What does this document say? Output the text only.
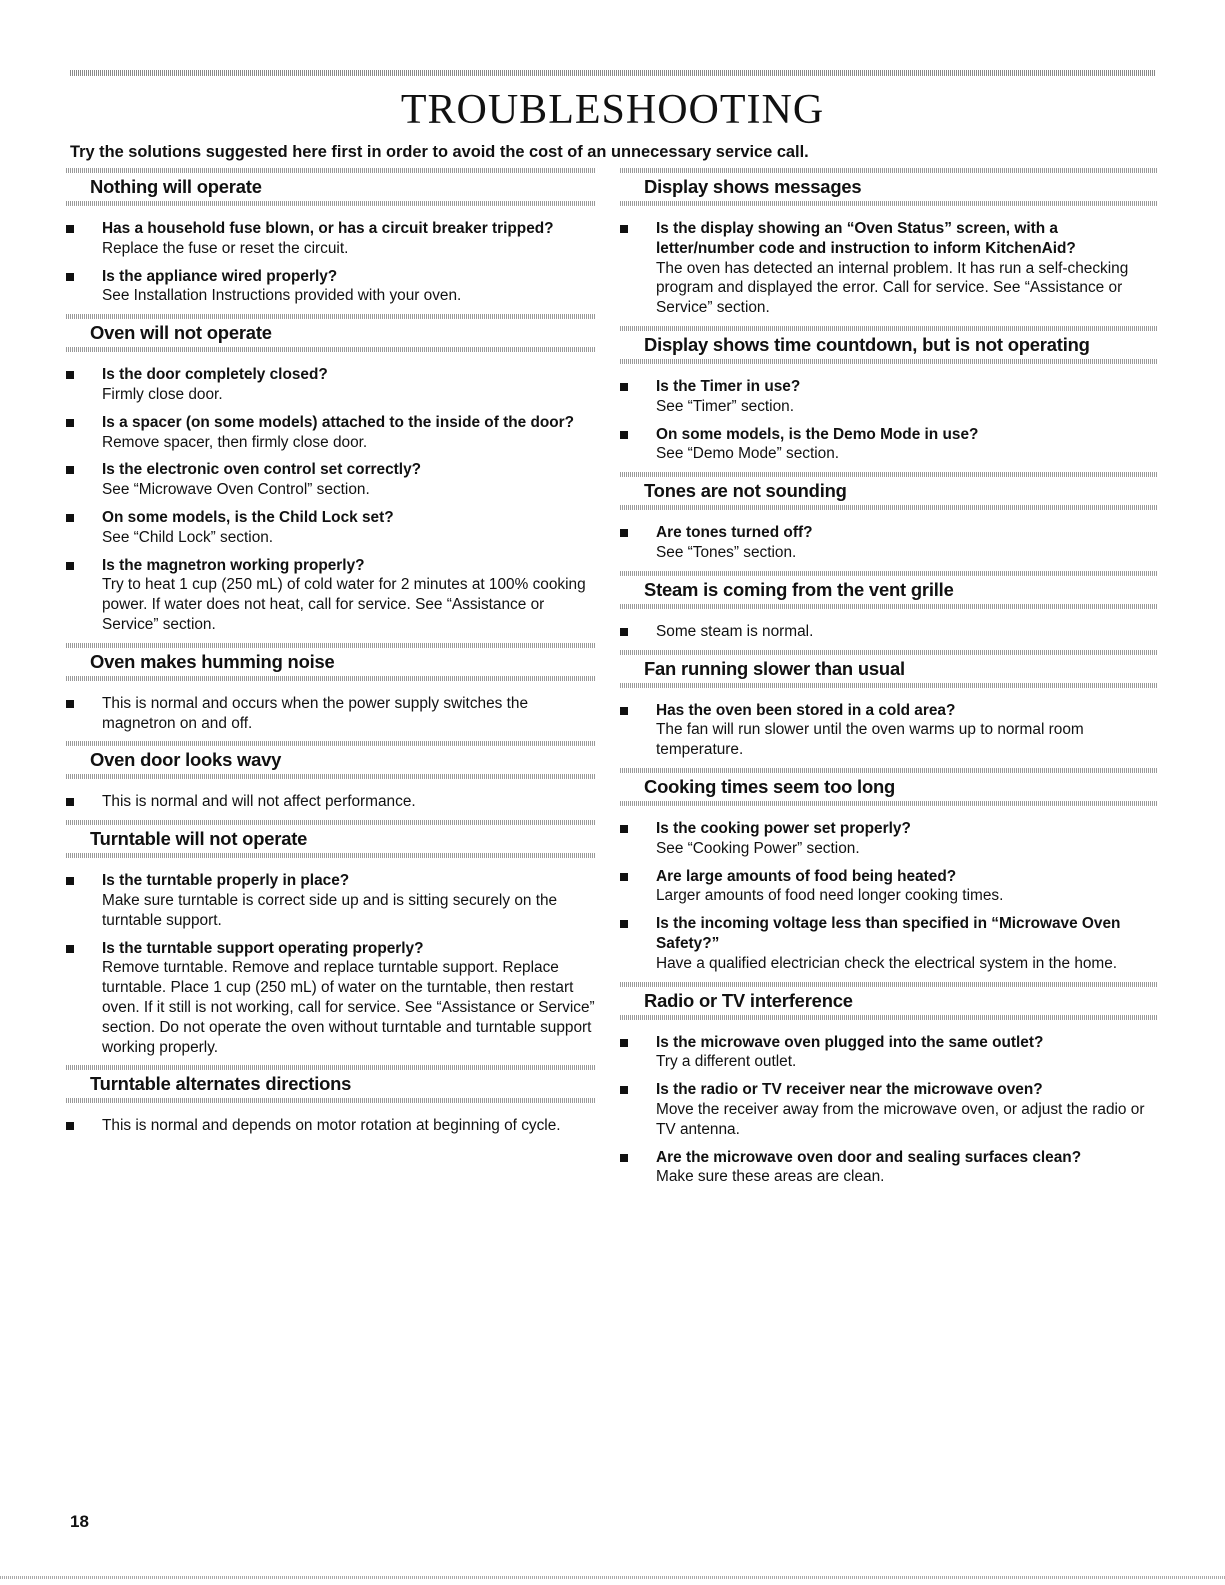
TROUBLESHOOTING
Try the solutions suggested here first in order to avoid the cost of an unnecessary service call.
Nothing will operate
Has a household fuse blown, or has a circuit breaker tripped?
Replace the fuse or reset the circuit.
Is the appliance wired properly?
See Installation Instructions provided with your oven.
Oven will not operate
Is the door completely closed?
Firmly close door.
Is a spacer (on some models) attached to the inside of the door?
Remove spacer, then firmly close door.
Is the electronic oven control set correctly?
See “Microwave Oven Control” section.
On some models, is the Child Lock set?
See “Child Lock” section.
Is the magnetron working properly?
Try to heat 1 cup (250 mL) of cold water for 2 minutes at 100% cooking power. If water does not heat, call for service. See “Assistance or Service” section.
Oven makes humming noise
This is normal and occurs when the power supply switches the magnetron on and off.
Oven door looks wavy
This is normal and will not affect performance.
Turntable will not operate
Is the turntable properly in place?
Make sure turntable is correct side up and is sitting securely on the turntable support.
Is the turntable support operating properly?
Remove turntable. Remove and replace turntable support. Replace turntable. Place 1 cup (250 mL) of water on the turntable, then restart oven. If it still is not working, call for service. See “Assistance or Service” section. Do not operate the oven without turntable and turntable support working properly.
Turntable alternates directions
This is normal and depends on motor rotation at beginning of cycle.
Display shows messages
Is the display showing an “Oven Status” screen, with a letter/number code and instruction to inform KitchenAid?
The oven has detected an internal problem. It has run a self-checking program and displayed the error. Call for service. See “Assistance or Service” section.
Display shows time countdown, but is not operating
Is the Timer in use?
See “Timer” section.
On some models, is the Demo Mode in use?
See “Demo Mode” section.
Tones are not sounding
Are tones turned off?
See “Tones” section.
Steam is coming from the vent grille
Some steam is normal.
Fan running slower than usual
Has the oven been stored in a cold area?
The fan will run slower until the oven warms up to normal room temperature.
Cooking times seem too long
Is the cooking power set properly?
See “Cooking Power” section.
Are large amounts of food being heated?
Larger amounts of food need longer cooking times.
Is the incoming voltage less than specified in “Microwave Oven Safety?”
Have a qualified electrician check the electrical system in the home.
Radio or TV interference
Is the microwave oven plugged into the same outlet?
Try a different outlet.
Is the radio or TV receiver near the microwave oven?
Move the receiver away from the microwave oven, or adjust the radio or TV antenna.
Are the microwave oven door and sealing surfaces clean?
Make sure these areas are clean.
18
